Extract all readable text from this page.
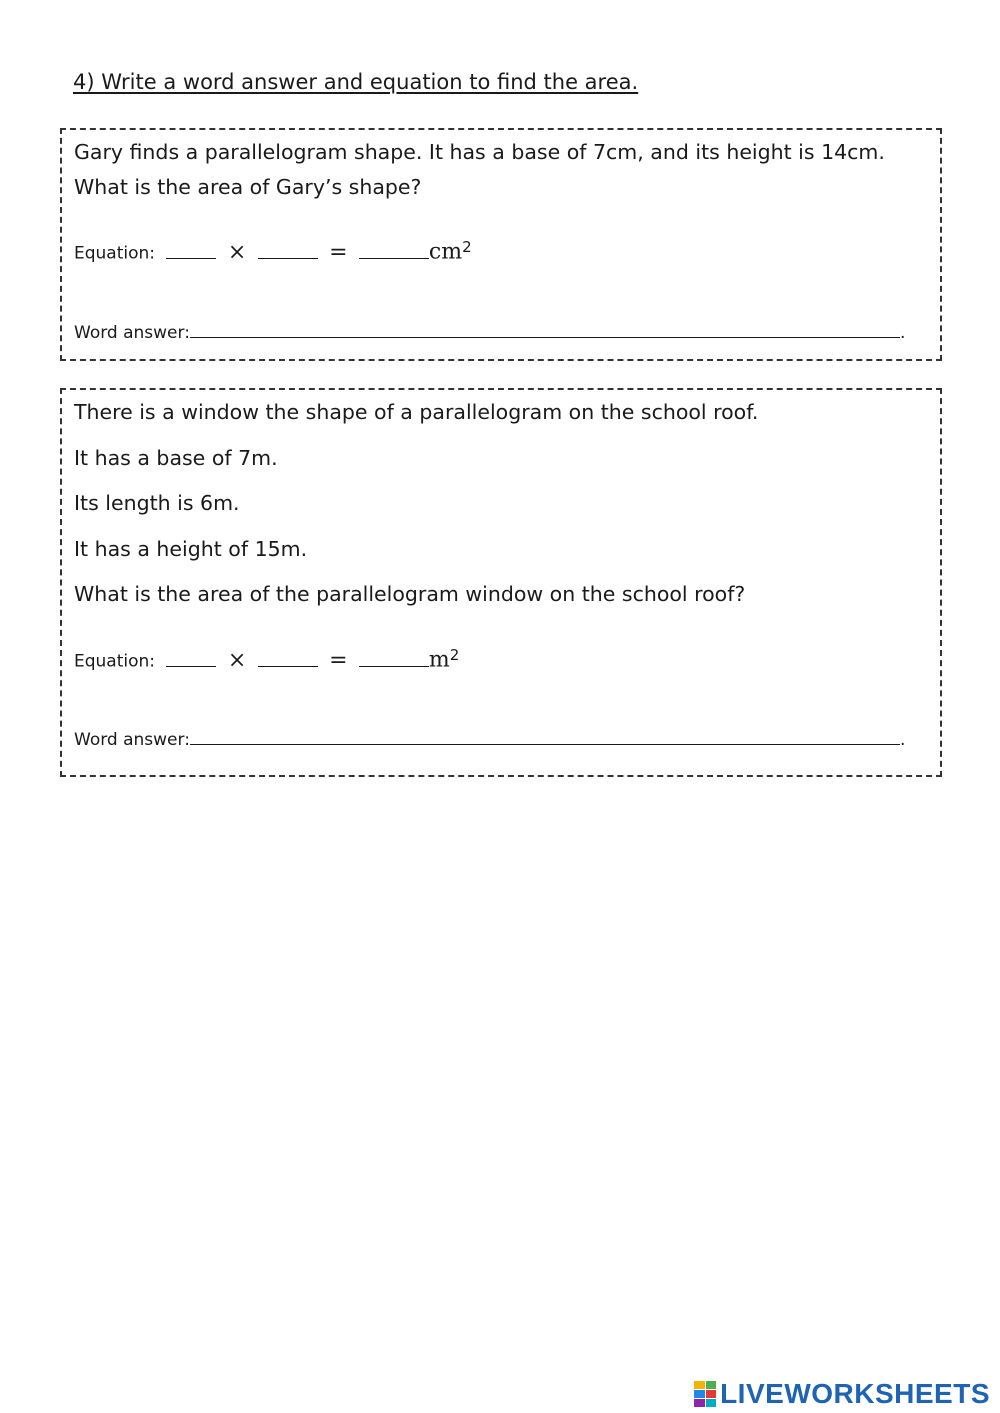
4) Write a word answer and equation to find the area.
Gary finds a parallelogram shape. It has a base of 7cm, and its height is 14cm.
What is the area of Gary’s shape?
Equation:	×	=	$cm^2$
Word answer:	.
There is a window the shape of a parallelogram on the school roof.
It has a base of 7m.
Its length is 6m.
It has a height of 15m.
What is the area of the parallelogram window on the school roof?
Equation:	×	=	$m^2$
Word answer:	.
LIVEWORKSHEETS
